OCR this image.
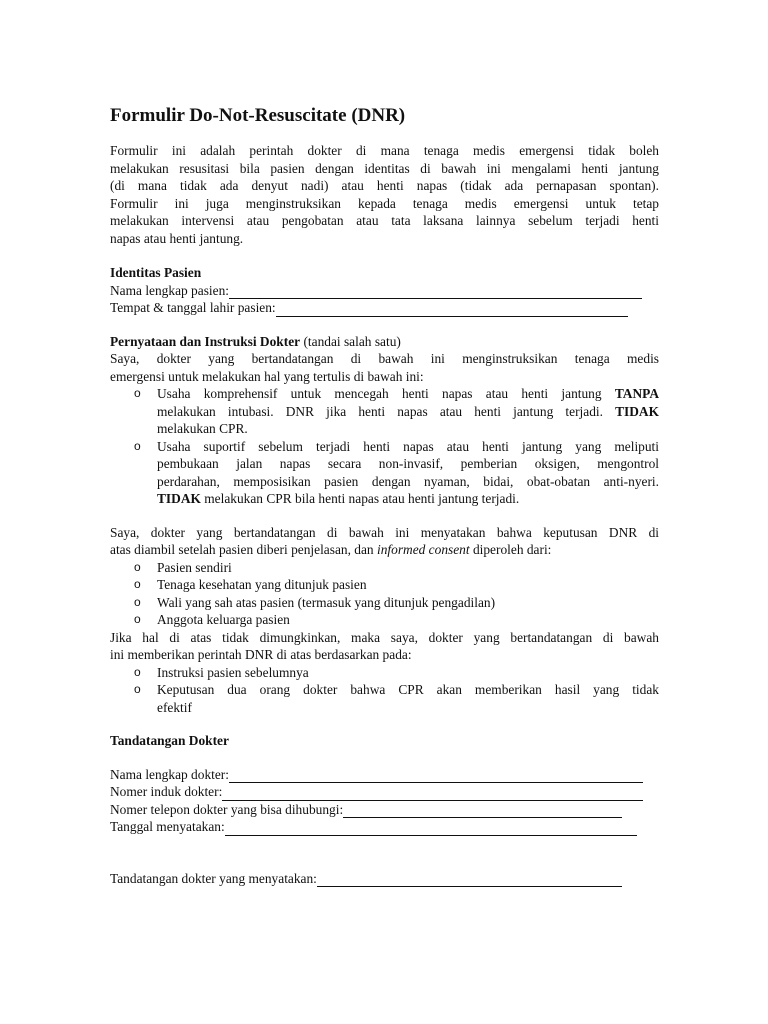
Formulir Do-Not-Resuscitate (DNR)

Formulir ini adalah perintah dokter di mana tenaga medis emergensi tidak boleh

melakukan resusitasi bila pasien dengan identitas di bawah ini mengalami henti jantung

(di mana tidak ada denyut nadi) atau henti napas (tidak ada pernapasan spontan).

Formulir ini juga menginstruksikan kepada tenaga medis emergensi untuk tetap

melakukan intervensi atau pengobatan atau tata laksana lainnya sebelum terjadi henti

napas atau henti jantung.

Identitas Pasien

Nama lengkap pasien:
Tempat & tanggal lahir pasien:

Pernyataan dan Instruksi Dokter (tandai salah satu)

Saya, dokter yang bertandatangan di bawah ini menginstruksikan tenaga medis

emergensi untuk melakukan hal yang tertulis di bawah ini:

o Usaha komprehensif untuk mencegah henti napas atau henti jantung TANPA
melakukan intubasi. DNR jika henti napas atau henti jantung terjadi. TIDAK
melakukan CPR.
o Usaha suportif sebelum terjadi henti napas atau henti jantung yang meliputi
pembukaan jalan napas secara non-invasif, pemberian oksigen, mengontrol
perdarahan, memposisikan pasien dengan nyaman, bidai, obat-obatan anti-nyeri.
TIDAK melakukan CPR bila henti napas atau henti jantung terjadi.

Saya, dokter yang bertandatangan di bawah ini menyatakan bahwa keputusan DNR di

atas diambil setelah pasien diberi penjelasan, dan informed consent diperoleh dari:

o Pasien sendiri
o Tenaga kesehatan yang ditunjuk pasien
o Wali yang sah atas pasien (termasuk yang ditunjuk pengadilan)
o Anggota keluarga pasien

Jika hal di atas tidak dimungkinkan, maka saya, dokter yang bertandatangan di bawah

ini memberikan perintah DNR di atas berdasarkan pada:

o Instruksi pasien sebelumnya
o Keputusan dua orang dokter bahwa CPR akan memberikan hasil yang tidak
efektif

Tandatangan Dokter

Nama lengkap dokter:
Nomer induk dokter:
Nomer telepon dokter yang bisa dihubungi:
Tanggal menyatakan:
Tandatangan dokter yang menyatakan:
